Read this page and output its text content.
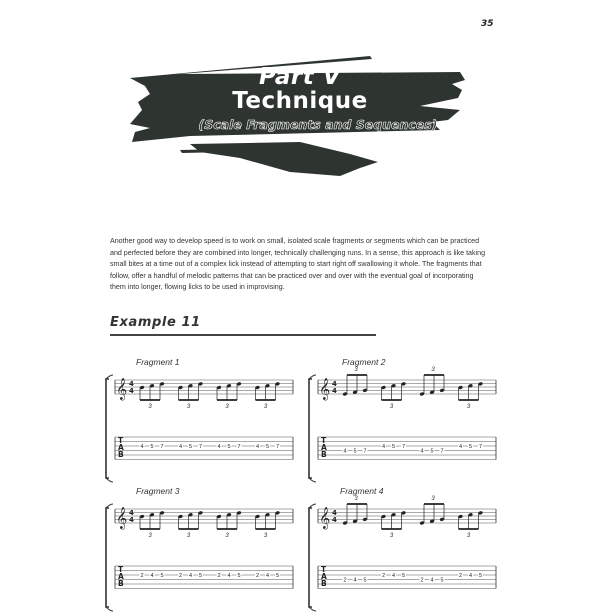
35
Part V
Technique
(Scale Fragments and Sequences)
Another good way to develop speed is to work on small, isolated scale fragments or segments which can be practiced and perfected before they are combined into longer, technically challenging runs. In a sense, this approach is like taking small bites at a time out of a complex lick instead of attempting to start right off swallowing it whole. The fragments that follow, offer a handful of melodic patterns that can be practiced over and over with the eventual goal of incorporating them into longer, flowing licks to be used in improvising.
Example 11
Fragment 1
𝄞 4
4
3	3	3	3
T
A
B
4 5 7	4 5 7	4 5 7	4 5 7
Fragment 2
𝄞 4
4
3
3
3
3
T
A
B	4 5 7
4 5 7
4 5 7
4 5 7
Fragment 3
𝄞 4
4
3	3	3	3
T
A
B
2 4 5	2 4 5	2 4 5	2 4 5
Fragment 4
𝄞 4
4
3
3
3
3
T
A
B	2 4 5
2 4 5
2 4 5
2 4 5
